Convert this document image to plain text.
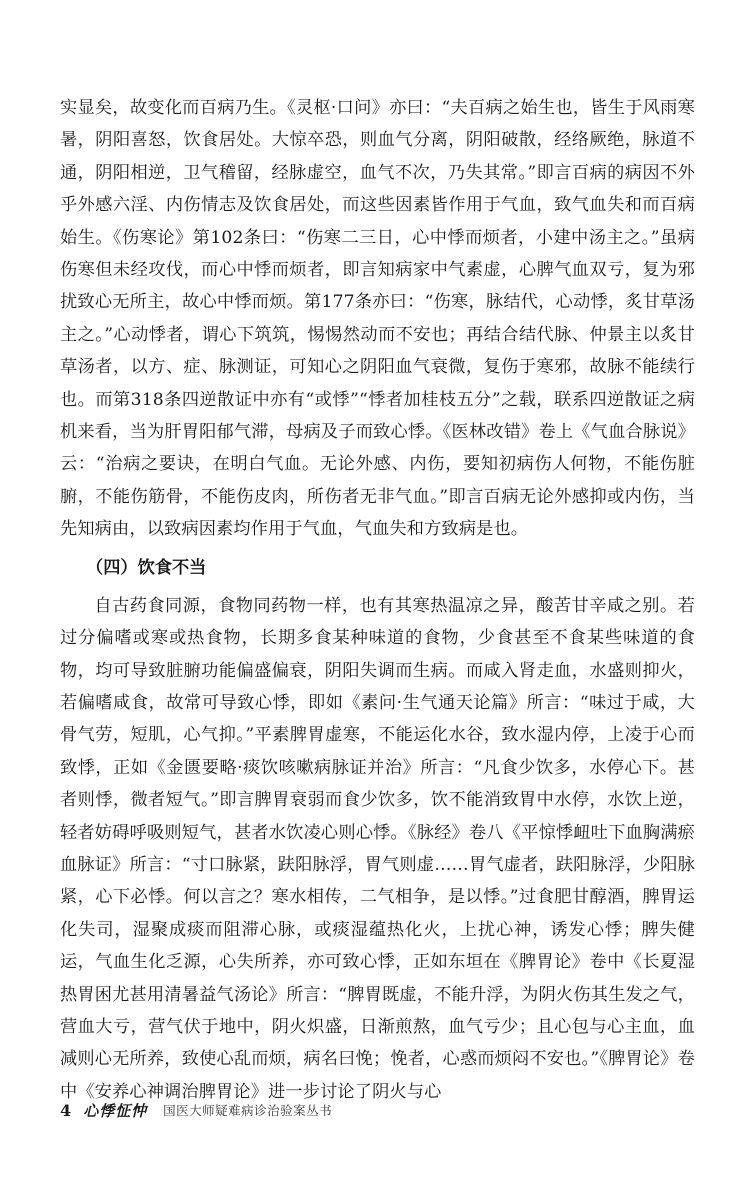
实显矣，故变化而百病乃生。《灵枢·口问》亦曰：“夫百病之始生也，皆生于风雨寒暑，阴阳喜怒，饮食居处。大惊卒恐，则血气分离，阴阳破散，经络厥绝，脉道不通，阴阳相逆，卫气稽留，经脉虚空，血气不次，乃失其常。”即言百病的病因不外乎外感六淫、内伤情志及饮食居处，而这些因素皆作用于气血，致气血失和而百病始生。《伤寒论》第102条曰：“伤寒二三日，心中悸而烦者，小建中汤主之。”虽病伤寒但未经攻伐，而心中悸而烦者，即言知病家中气素虚，心脾气血双亏，复为邪扰致心无所主，故心中悸而烦。第177条亦曰：“伤寒，脉结代，心动悸，炙甘草汤主之。”心动悸者，谓心下筑筑，惕惕然动而不安也；再结合结代脉、仲景主以炙甘草汤者，以方、症、脉测证，可知心之阴阳血气衰微，复伤于寒邪，故脉不能续行也。而第318条四逆散证中亦有“或悸”“悸者加桂枝五分”之载，联系四逆散证之病机来看，当为肝胃阳郁气滞，母病及子而致心悸。《医林改错》卷上《气血合脉说》云：“治病之要诀，在明白气血。无论外感、内伤，要知初病伤人何物，不能伤脏腑，不能伤筋骨，不能伤皮肉，所伤者无非气血。”即言百病无论外感抑或内伤，当先知病由，以致病因素均作用于气血，气血失和方致病是也。

（四）饮食不当

自古药食同源，食物同药物一样，也有其寒热温凉之异，酸苦甘辛咸之别。若过分偏嗜或寒或热食物，长期多食某种味道的食物，少食甚至不食某些味道的食物，均可导致脏腑功能偏盛偏衰，阴阳失调而生病。而咸入肾走血，水盛则抑火，若偏嗜咸食，故常可导致心悸，即如《素问·生气通天论篇》所言：“味过于咸，大骨气劳，短肌，心气抑。”平素脾胃虚寒，不能运化水谷，致水湿内停，上凌于心而致悸，正如《金匮要略·痰饮咳嗽病脉证并治》所言：“凡食少饮多，水停心下。甚者则悸，微者短气。”即言脾胃衰弱而食少饮多，饮不能消致胃中水停，水饮上逆，轻者妨碍呼吸则短气，甚者水饮凌心则心悸。《脉经》卷八《平惊悸衄吐下血胸满瘀血脉证》所言：“寸口脉紧，趺阳脉浮，胃气则虚……胃气虚者，趺阳脉浮，少阳脉紧，心下必悸。何以言之？寒水相传，二气相争，是以悸。”过食肥甘醇酒，脾胃运化失司，湿聚成痰而阻滞心脉，或痰湿蕴热化火，上扰心神，诱发心悸；脾失健运，气血生化乏源，心失所养，亦可致心悸，正如东垣在《脾胃论》卷中《长夏湿热胃困尤甚用清暑益气汤论》所言：“脾胃既虚，不能升浮，为阴火伤其生发之气，营血大亏，营气伏于地中，阴火炽盛，日渐煎熬，血气亏少；且心包与心主血，血减则心无所养，致使心乱而烦，病名曰悗；悗者，心惑而烦闷不安也。”《脾胃论》卷中《安养心神调治脾胃论》进一步讨论了阴火与心

4 心悸怔忡 国医大师疑难病诊治验案丛书
